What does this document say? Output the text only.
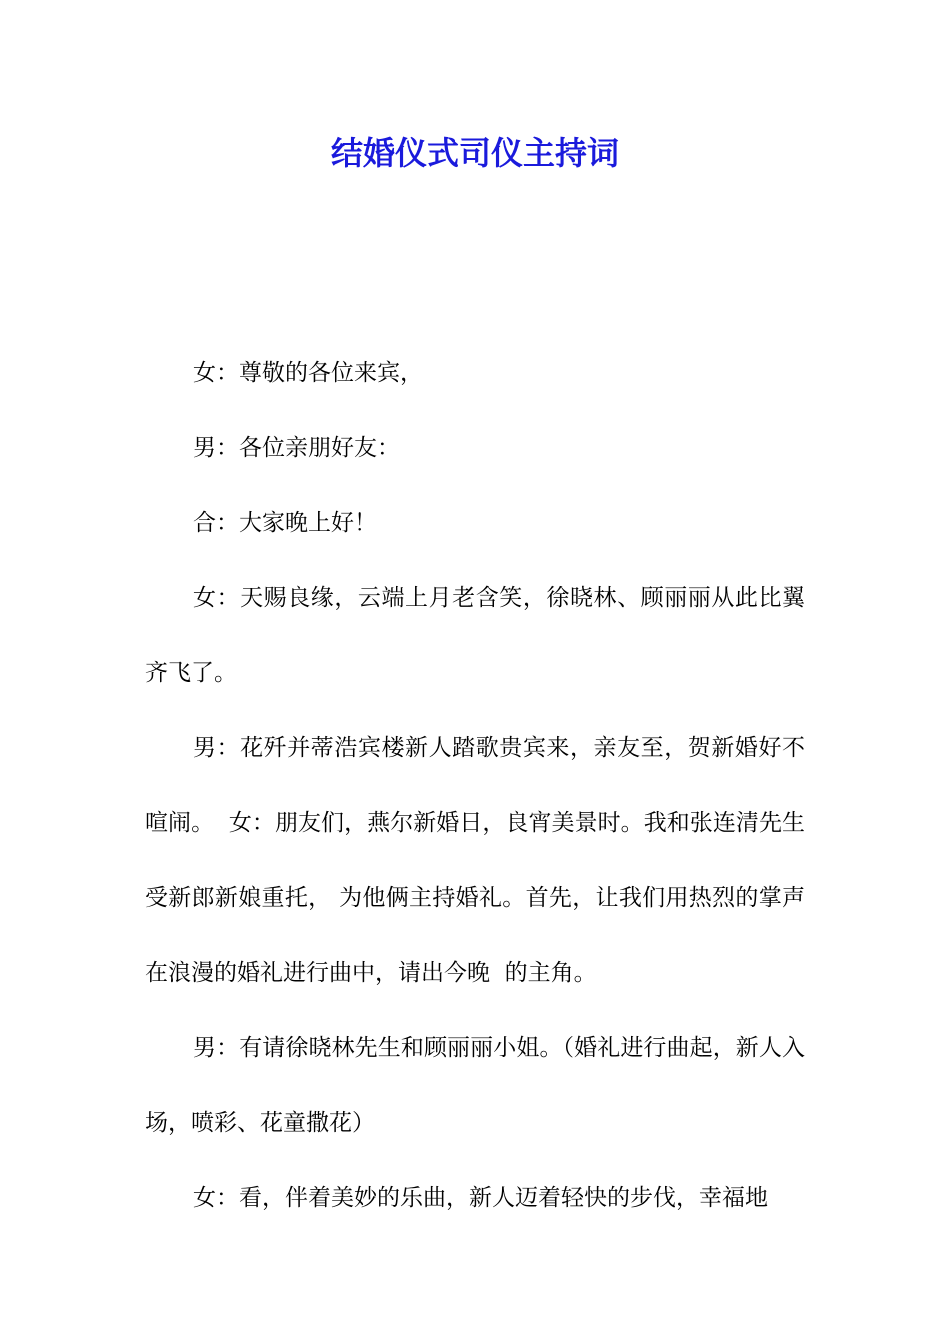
结婚仪式司仪主持词

女：尊敬的各位来宾，

男：各位亲朋好友：

合：大家晚上好！

女：天赐良缘，云端上月老含笑，徐晓林、顾丽丽从此比翼齐飞了。

男：花歼并蒂浩宾楼新人踏歌贵宾来，亲友至，贺新婚好不喧闹。  女：朋友们，燕尔新婚日，良宵美景时。我和张连清先生受新郎新娘重托， 为他俩主持婚礼。首先，让我们用热烈的掌声在浪漫的婚礼进行曲中，请出今晚  的主角。

男：有请徐晓林先生和顾丽丽小姐。（婚礼进行曲起，新人入场，喷彩、花童撒花）

女：看，伴着美妙的乐曲，新人迈着轻快的步伐，幸福地
